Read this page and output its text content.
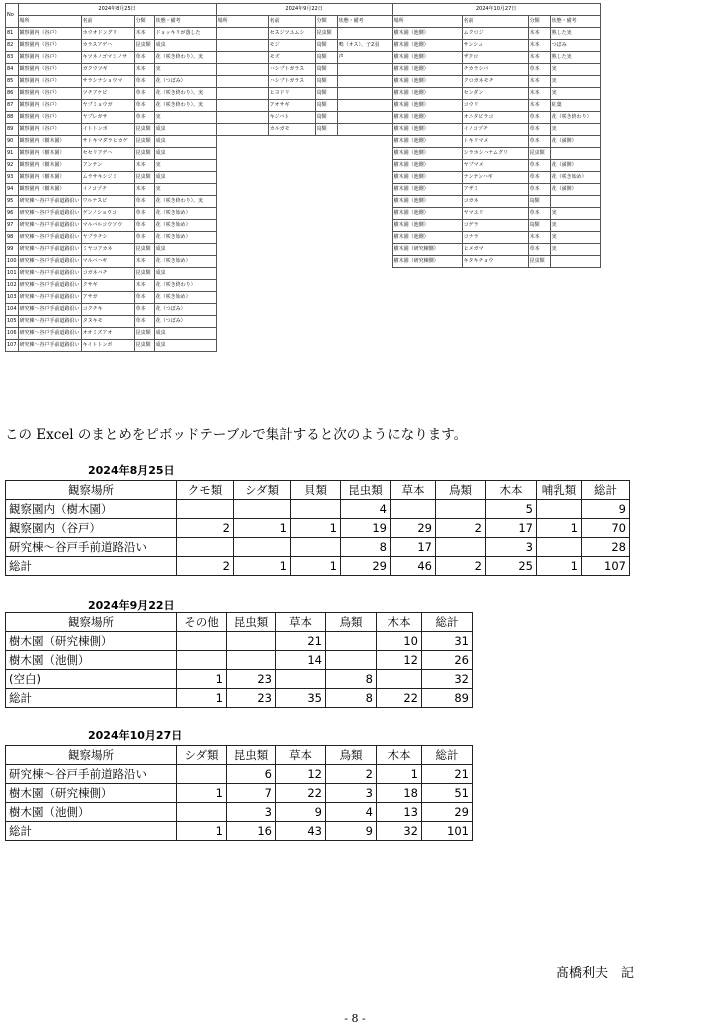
No	2024年8月25日				2024年9月22日				2024年10月27日			
	場所	名前	分類	状態・備考	場所	名前	分類	状態・備考	場所	名前	分類	状態・備考
81	観察園内（谷戸）	ホウオドングリ	木本	ドョッキリが落した		セスジツユムシ	昆虫類		樹木園（池側）	ムクロジ	木本	熟した実
82	観察園内（谷戸）	カラスアゲハ	昆虫類	成虫		モジ	鳥類	鳴（オス）、子2羽	樹木園（池側）	サンシュ	木本	つぼみ
83	観察園内（谷戸）	キツネノゴマミノサ	草本	花（咲き終わり）、実		モズ	鳥類	声	樹木園（池側）	ザクロ	木本	熟した実
84	観察園内（谷戸）	ガクウツギ	木本	実		ハシブトガラス	鳥類		樹木園（池側）	チカラシバ	草本	実
85	観察園内（谷戸）	サラシナショウマ	草本	花（つぼみ）		ハシブトガラス	鳥類		樹木園（池側）	クロガネモチ	木本	実
86	観察園内（谷戸）	ツチアケビ	草本	花（咲き終わり）、実		ヒヨドリ	鳥類		樹木園（池側）	センダン	木本	実
87	観察園内（谷戸）	ヤブミョウガ	草本	花（咲き終わり）、実		アオサギ	鳥類		樹木園（池側）	コウリ	木本	紅葉
88	観察園内（谷戸）	ヤブレガサ	草本	実		キジバト	鳥類		樹木園（池側）	オニタビラコ	草本	花（咲き終わり）
89	観察園内（谷戸）	イトトンボ	昆虫類	成虫		カルガモ	鳥類		樹木園（池側）	イノコヅチ	草本	実
90	観察園内（樹木園）	サトキマダラヒカゲ	昆虫類	成虫					樹木園（池側）	トキリマメ	草本	花（満開）
91	観察園内（樹木園）	セセリアゲハ	昆虫類	成虫					樹木園（池側）	シラホシハナムグリ	昆虫類	
92	観察園内（樹木園）	アンテン	木本	実					樹木園（池側）	ヤブマメ	草本	花（満開）
93	観察園内（樹木園）	ムラサキシジミ	昆虫類	成虫					樹木園（池側）	ナンテンハギ	草本	花（咲き始め）
94	観察園内（樹木園）	イノコヅチ	木本	実					樹木園（池側）	アザミ	草本	花（満開）
95	研究棟〜谷戸手前道路沿い	ワルナスビ	草本	花（咲き終わり）、実					樹木園（池側）	コガネ	鳥類	
96	研究棟〜谷戸手前道路沿い	ゲンノショウコ	草本	花（咲き始め）					樹木園（池側）	ヤマユリ	草本	実
97	研究棟〜谷戸手前道路沿い	マルバルコウソウ	草本	花（咲き始め）					樹木園（池側）	コゲラ	鳥類	実
98	研究棟〜谷戸手前道路沿い	ヤブラチシ	草本	花（咲き始め）					樹木園（池側）	コナラ	木本	実
99	研究棟〜谷戸手前道路沿い	ミヤコアカネ	昆虫類	成虫					樹木園（研究棟側）	ヒメガマ	草本	実
100	研究棟〜谷戸手前道路沿い	マルバハギ	木本	花（咲き始め）					樹木園（研究棟側）	キタキチョウ	昆虫類	
101	研究棟〜谷戸手前道路沿い	コガネバチ	昆虫類	成虫								
102	研究棟〜谷戸手前道路沿い	クサギ	木本	花（咲き終わり）								
103	研究棟〜谷戸手前道路沿い	アサガ	草本	花（咲き始め）								
104	研究棟〜谷戸手前道路沿い	コクチキ	草本	花（つぼみ）								
105	研究棟〜谷戸手前道路沿い	タヌキモ	草本	花（つぼみ）								
106	研究棟〜谷戸手前道路沿い	オオミズアオ	昆虫類	成虫								
107	研究棟〜谷戸手前道路沿い	キイトトンボ	昆虫類	成虫								
この Excel のまとめをピボッドテーブルで集計すると次のようになります。
2024年8月25日
観察場所	クモ類	シダ類	貝類	昆虫類	草本	鳥類	木本	哺乳類	総計
観察園内（樹木園）				4			5		9
観察園内（谷戸）	2	1	1	19	29	2	17	1	70
研究棟〜谷戸手前道路沿い				8	17		3		28
総計	2	1	1	29	46	2	25	1	107
2024年9月22日
観察場所	その他	昆虫類	草本	鳥類	木本	総計
樹木園（研究棟側）			21		10	31
樹木園（池側）			14		12	26
(空白)	1	23		8		32
総計	1	23	35	8	22	89
2024年10月27日
観察場所	シダ類	昆虫類	草本	鳥類	木本	総計
研究棟〜谷戸手前道路沿い		6	12	2	1	21
樹木園（研究棟側）	1	7	22	3	18	51
樹木園（池側）		3	9	4	13	29
総計	1	16	43	9	32	101
髙橋利夫　記
- 8 -
